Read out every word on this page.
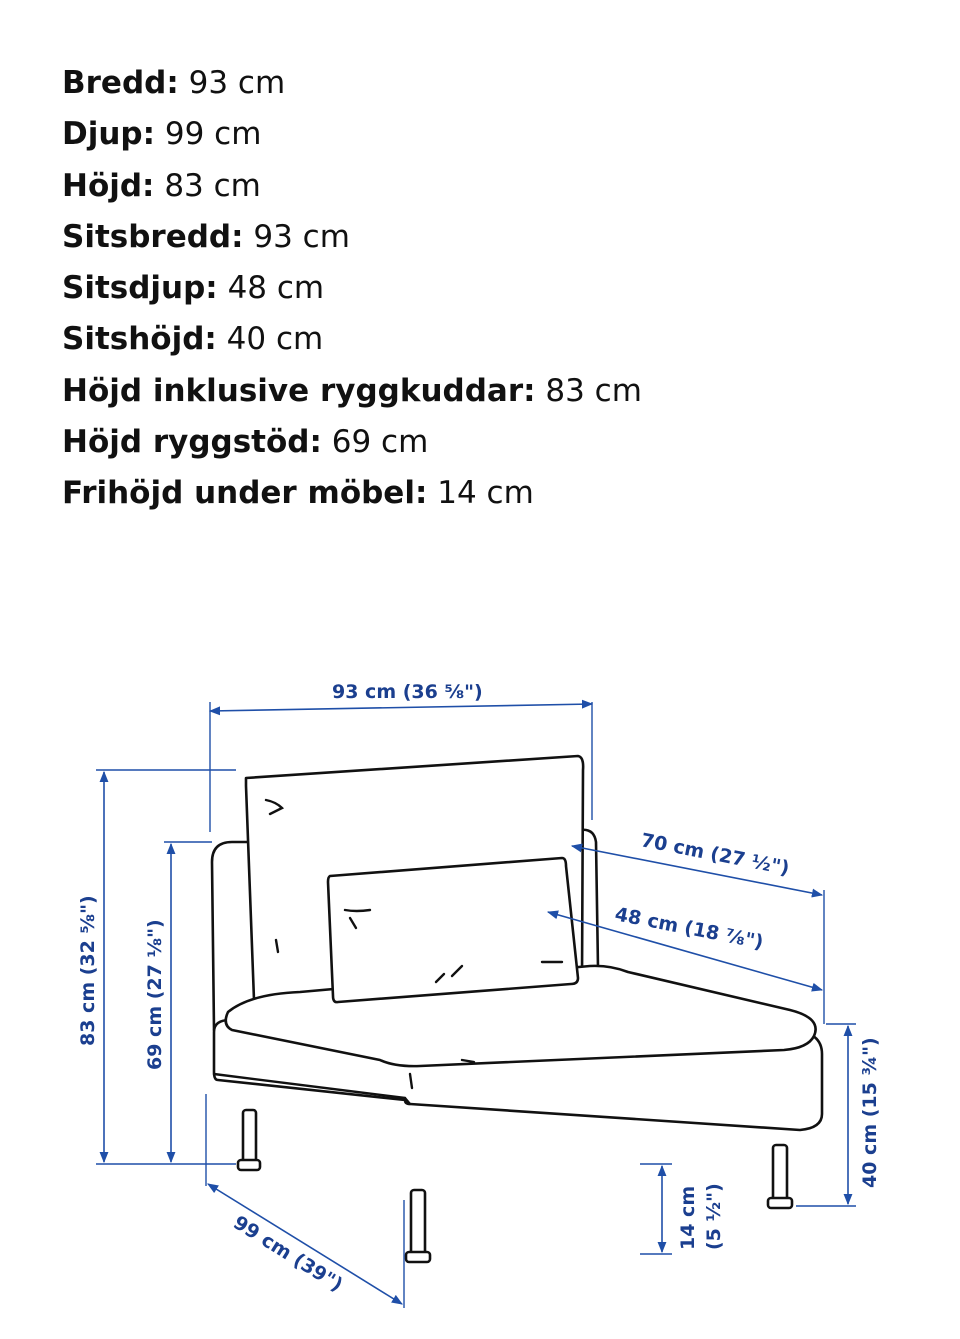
Bredd: 93 cm
Djup: 99 cm
Höjd: 83 cm
Sitsbredd: 93 cm
Sitsdjup: 48 cm
Sitshöjd: 40 cm
Höjd inklusive ryggkuddar: 83 cm
Höjd ryggstöd: 69 cm
Frihöjd under möbel: 14 cm
93 cm (36 ⅝")
83 cm (32 ⅝") 69 cm (27 ⅛")
70 cm (27 ½")
48 cm (18 ⅞")
40 cm (15 ¾")
14 cm (5 ½")
99 cm (39")
